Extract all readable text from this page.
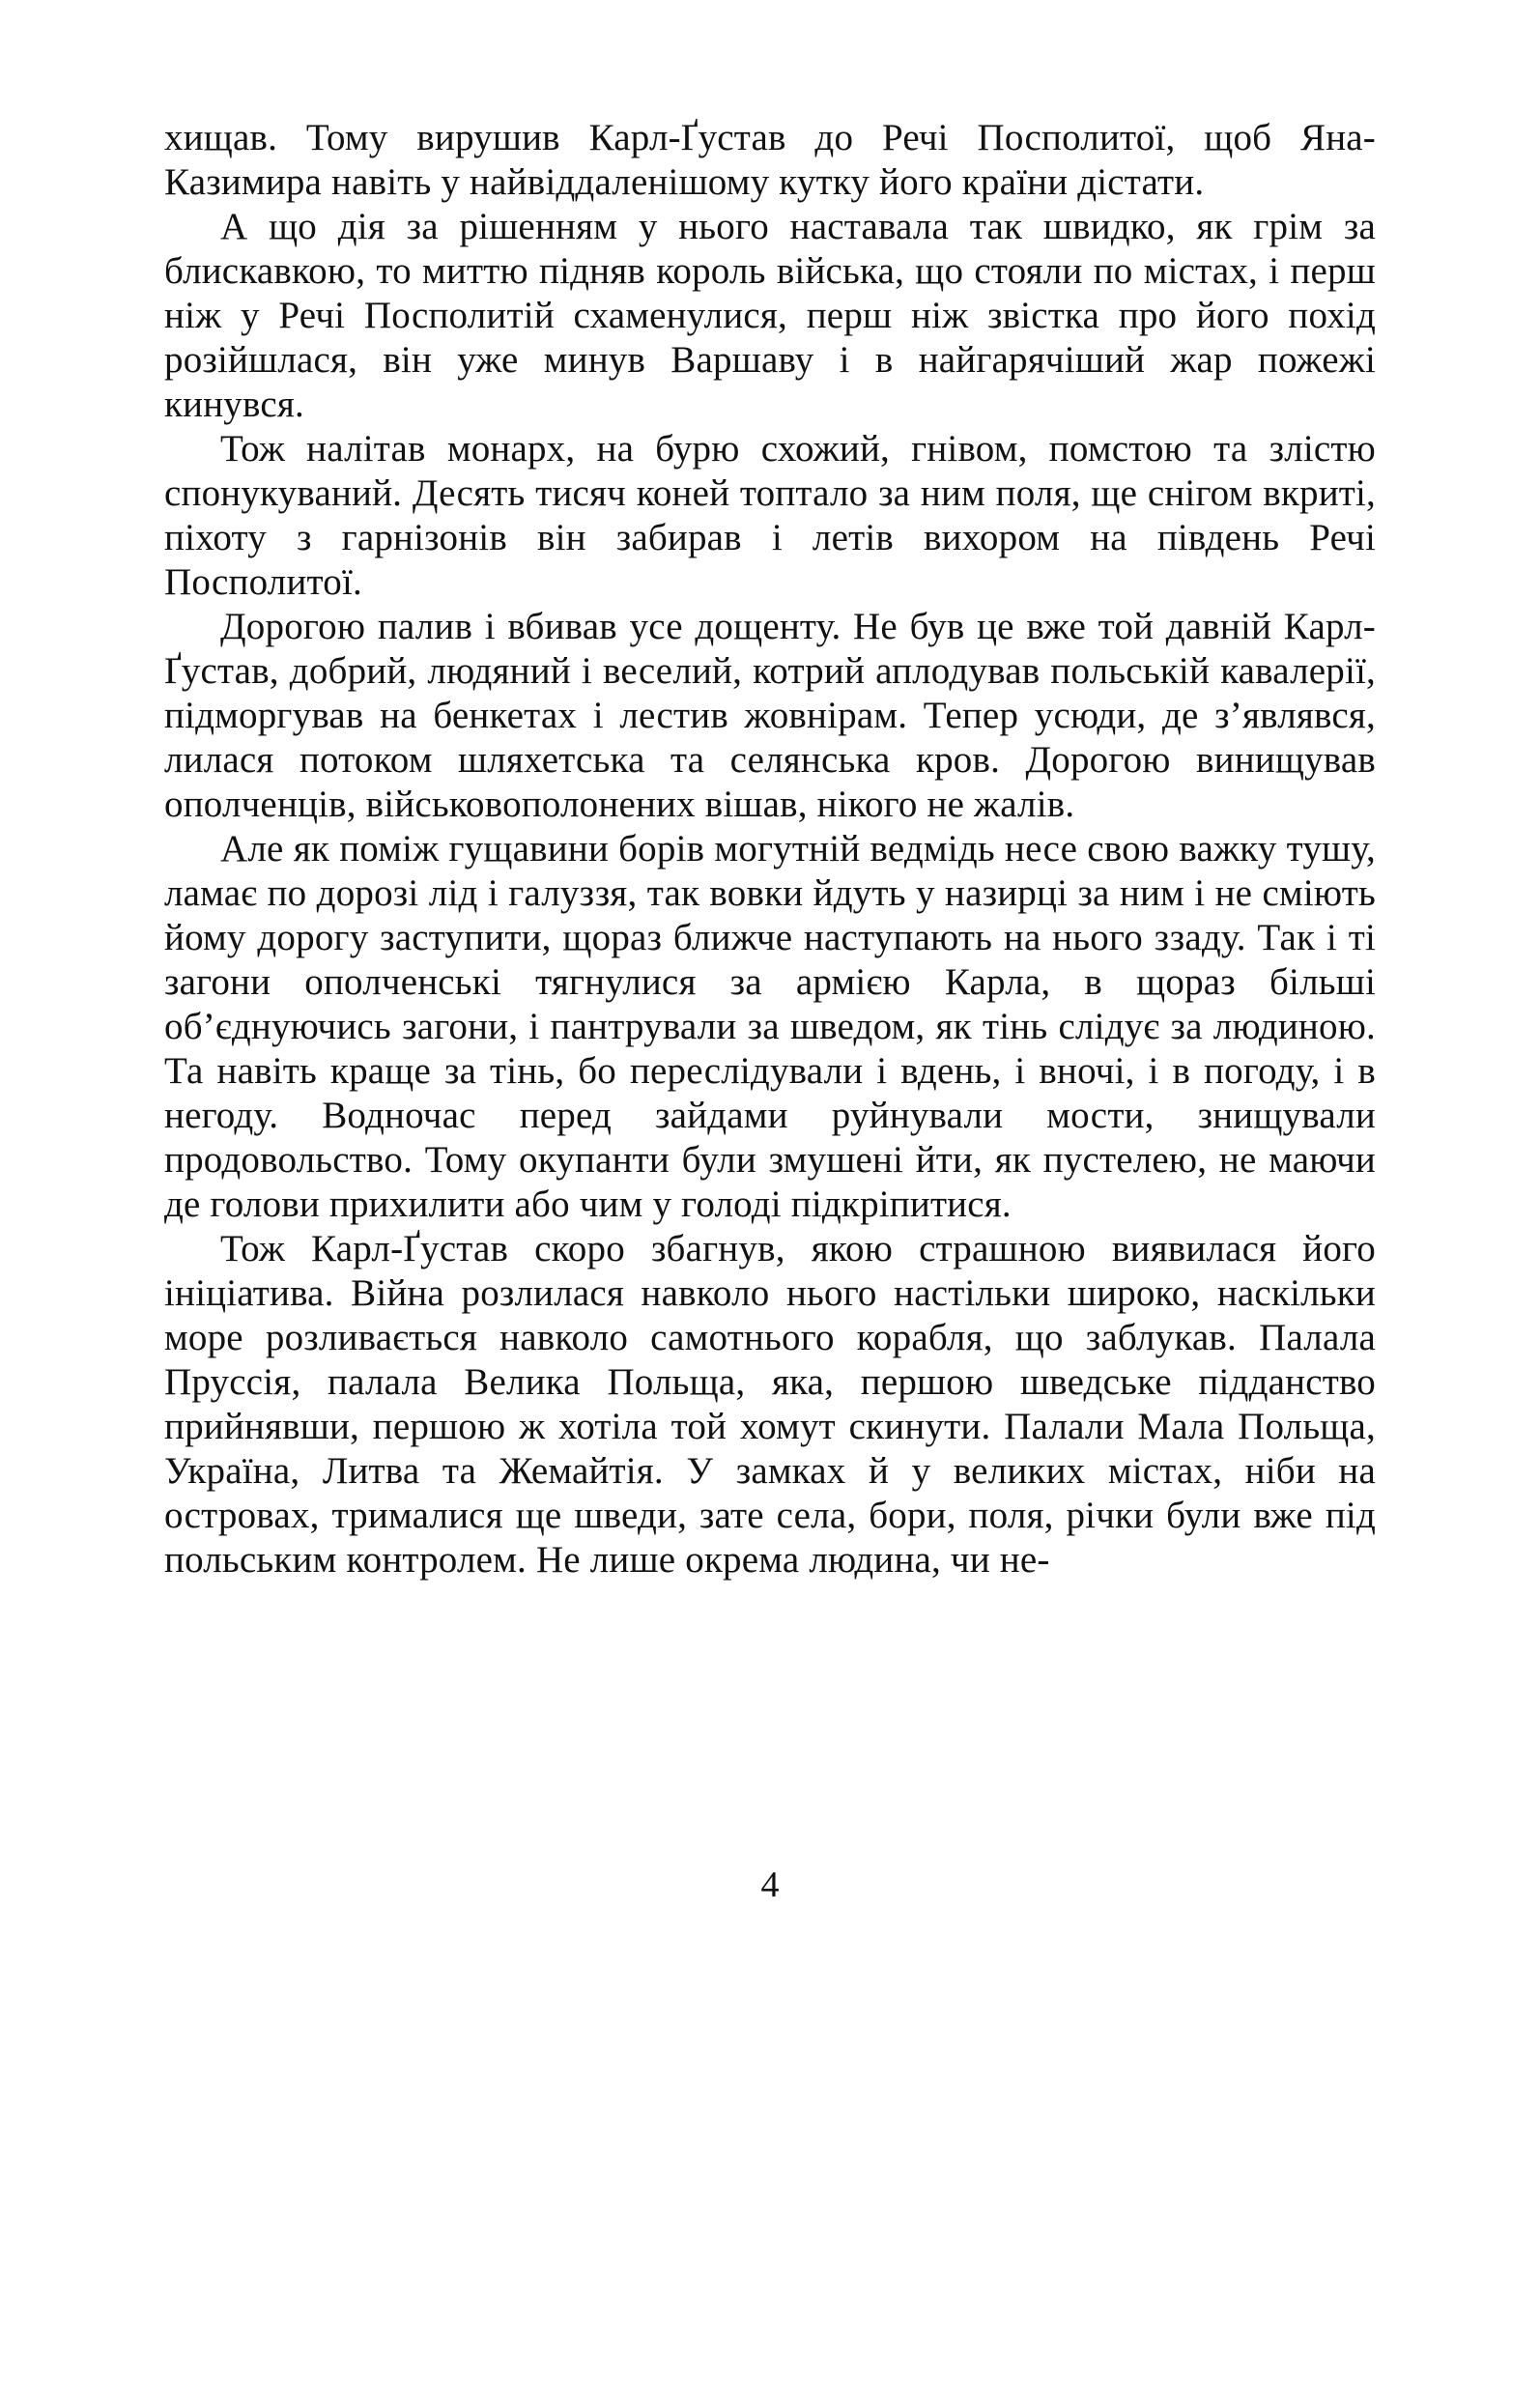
хищав. Тому вирушив Карл-Ґустав до Речі Посполитої, щоб Яна-Казимира навіть у найвіддаленішому кутку його країни дістати.

А що дія за рішенням у нього наставала так швидко, як грім за блискавкою, то миттю підняв король війська, що стояли по містах, і перш ніж у Речі Посполитій схаменулися, перш ніж звістка про його похід розійшлася, він уже минув Варшаву і в найгарячіший жар пожежі кинувся.

Тож налітав монарх, на бурю схожий, гнівом, помстою та злістю спонукуваний. Десять тисяч коней топтало за ним поля, ще снігом вкриті, піхоту з гарнізонів він забирав і летів вихором на південь Речі Посполитої.

Дорогою палив і вбивав усе дощенту. Не був це вже той давній Карл-Ґустав, добрий, людяний і веселий, котрий аплодував польській кавалерії, підморгував на бенкетах і лестив жовнірам. Тепер усюди, де з’являвся, лилася потоком шляхетська та селянська кров. Дорогою винищував ополченців, військовополонених вішав, нікого не жалів.

Але як поміж гущавини борів могутній ведмідь несе свою важку тушу, ламає по дорозі лід і галуззя, так вовки йдуть у назирці за ним і не сміють йому дорогу заступити, щораз ближче наступають на нього ззаду. Так і ті загони ополченські тягнулися за армією Карла, в щораз більші об’єднуючись загони, і пантрували за шведом, як тінь слідує за людиною. Та навіть краще за тінь, бо переслідували і вдень, і вночі, і в погоду, і в негоду. Водночас перед зайдами руйнували мости, знищували продовольство. Тому окупанти були змушені йти, як пустелею, не маючи де голови прихилити або чим у голоді підкріпитися.

Тож Карл-Ґустав скоро збагнув, якою страшною виявилася його ініціатива. Війна розлилася навколо нього настільки широко, наскільки море розливається навколо самотнього корабля, що заблукав. Палала Пруссія, палала Велика Польща, яка, першою шведське підданство прийнявши, першою ж хотіла той хомут скинути. Палали Мала Польща, Україна, Литва та Жемайтія. У замках й у великих містах, ніби на островах, трималися ще шведи, зате села, бори, поля, річки були вже під польським контролем. Не лише окрема людина, чи не-

4
